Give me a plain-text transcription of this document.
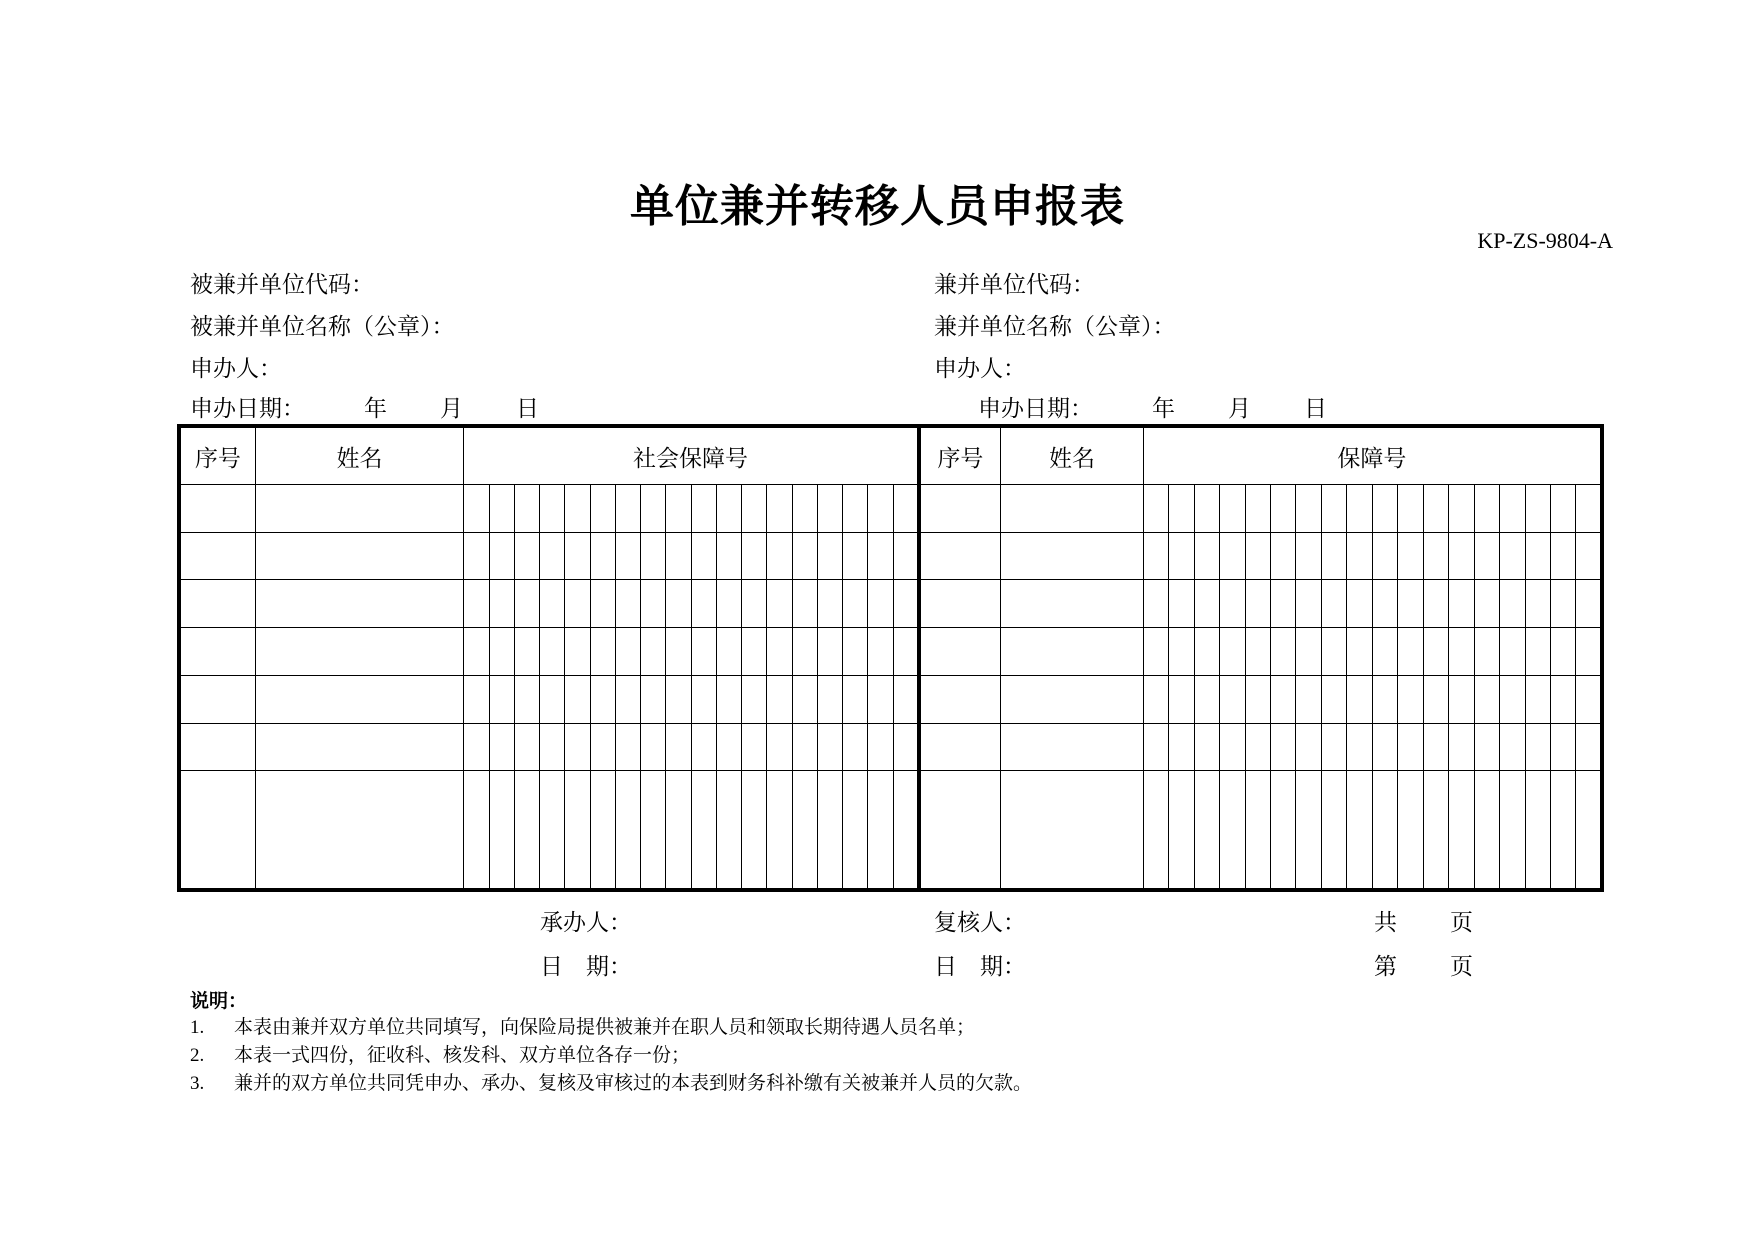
单位兼并转移人员申报表
KP-ZS-9804-A
被兼并单位代码：
被兼并单位名称（公章）：
申办人：
申办日期：	年 月 日
兼并单位代码：
兼并单位名称（公章）：
申办人：
申办日期：	年 月 日
序号	姓名	社会保障号																		序号	姓名	保障号																	

承办人：	复核人：	共 页
日　期：	日　期：	第 页
说明：
1. 本表由兼并双方单位共同填写，向保险局提供被兼并在职人员和领取长期待遇人员名单；
2. 本表一式四份，征收科、核发科、双方单位各存一份；
3. 兼并的双方单位共同凭申办、承办、复核及审核过的本表到财务科补缴有关被兼并人员的欠款。
